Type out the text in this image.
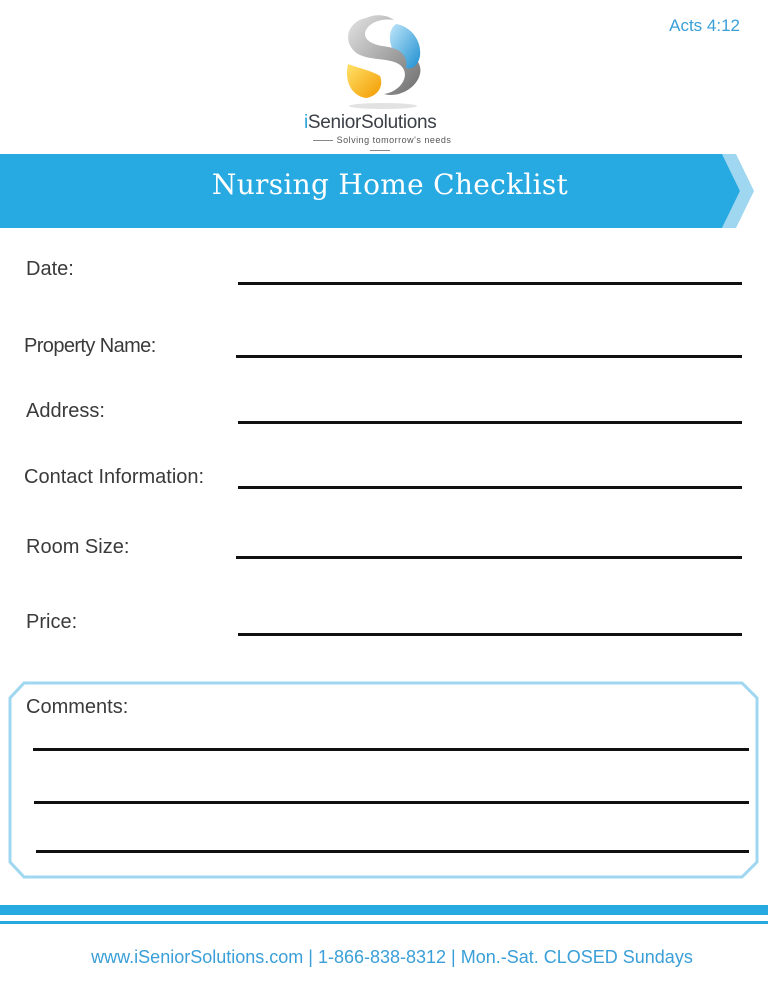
Acts 4:12
iSeniorSolutions
Solving tomorrow's needs
Nursing Home Checklist
Date:
Property Name:
Address:
Contact Information:
Room Size:
Price:
Comments:
www.iSeniorSolutions.com | 1-866-838-8312 | Mon.-Sat. CLOSED Sundays
